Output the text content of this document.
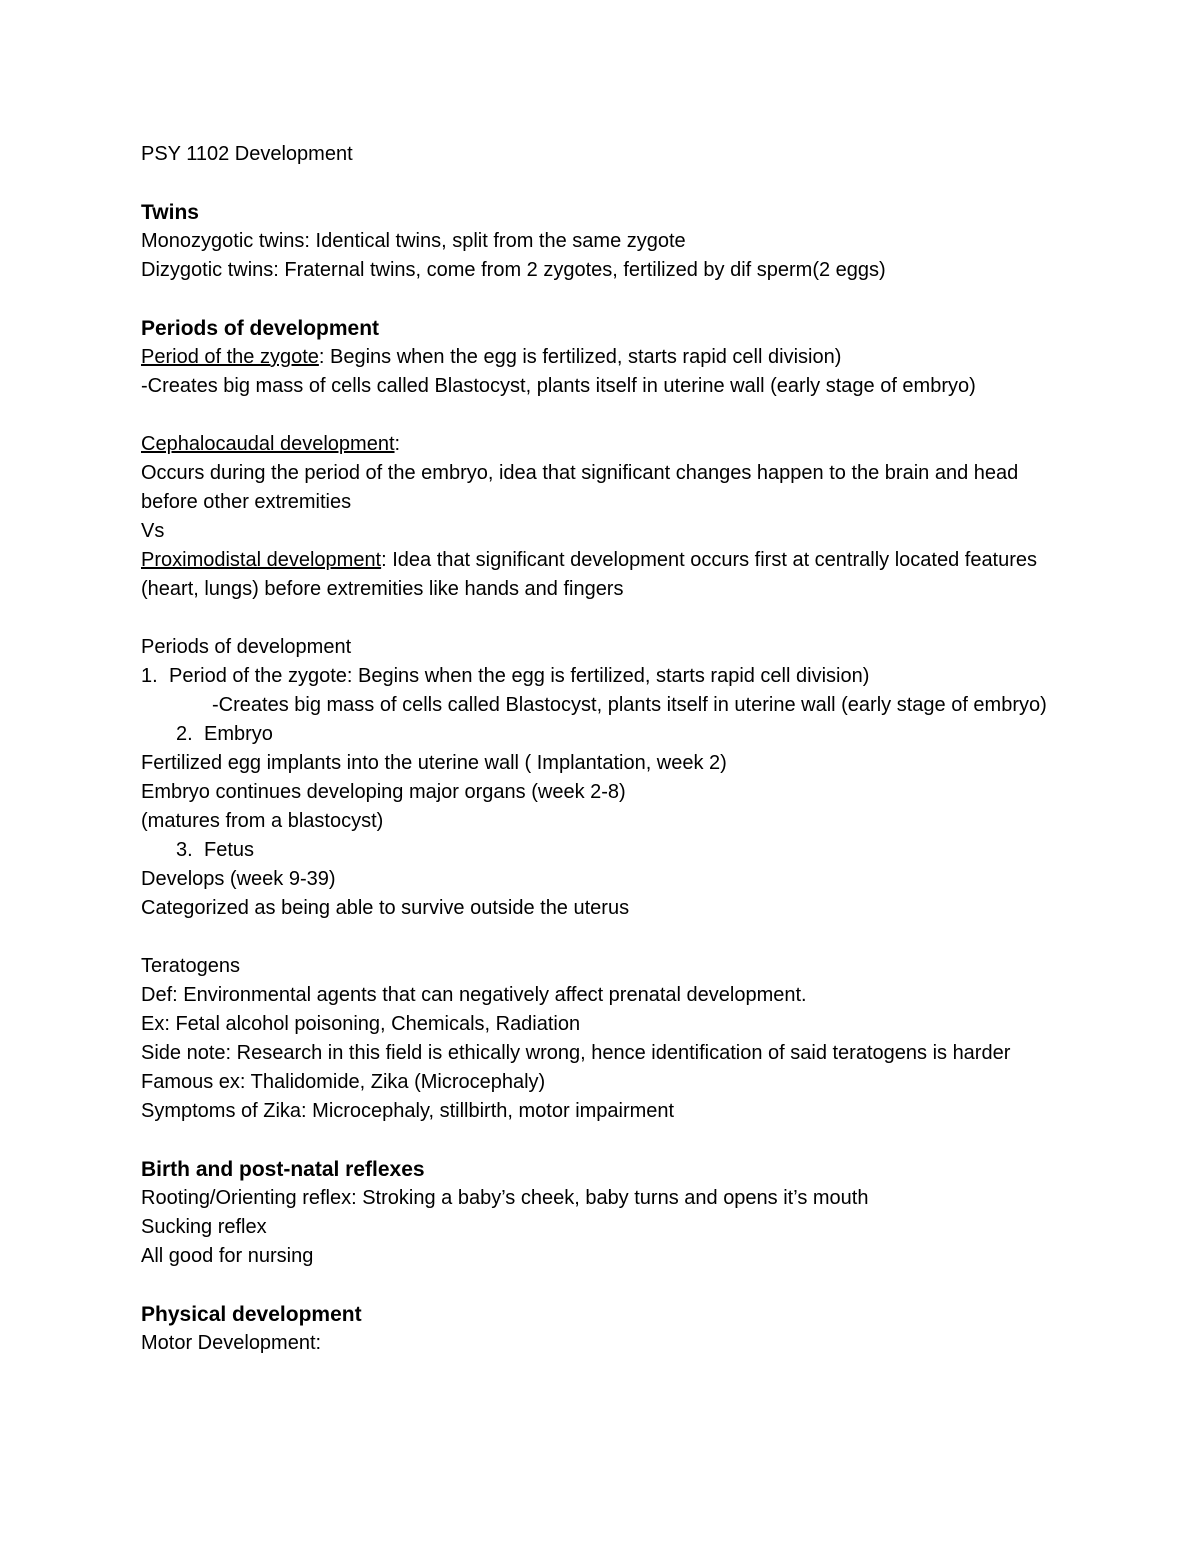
PSY 1102 Development
Twins
Monozygotic twins: Identical twins, split from the same zygote
Dizygotic twins: Fraternal twins, come from 2 zygotes, fertilized by dif sperm(2 eggs)
Periods of development
Period of the zygote: Begins when the egg is fertilized, starts rapid cell division)
-Creates big mass of cells called Blastocyst, plants itself in uterine wall (early stage of embryo)
Cephalocaudal development:
Occurs during the period of the embryo, idea that significant changes happen to the brain and head before other extremities
Vs
Proximodistal development: Idea that significant development occurs first at centrally located features (heart, lungs) before extremities like hands and fingers
Periods of development
1. Period of the zygote: Begins when the egg is fertilized, starts rapid cell division)
-Creates big mass of cells called Blastocyst, plants itself in uterine wall (early stage of embryo)
2. Embryo
Fertilized egg implants into the uterine wall ( Implantation, week 2)
Embryo continues developing major organs (week 2-8)
(matures from a blastocyst)
3. Fetus
Develops (week 9-39)
Categorized as being able to survive outside the uterus
Teratogens
Def: Environmental agents that can negatively affect prenatal development.
Ex: Fetal alcohol poisoning, Chemicals, Radiation
Side note: Research in this field is ethically wrong, hence identification of said teratogens is harder
Famous ex: Thalidomide, Zika (Microcephaly)
Symptoms of Zika: Microcephaly, stillbirth, motor impairment
Birth and post-natal reflexes
Rooting/Orienting reflex: Stroking a baby’s cheek, baby turns and opens it’s mouth
Sucking reflex
All good for nursing
Physical development
Motor Development:
